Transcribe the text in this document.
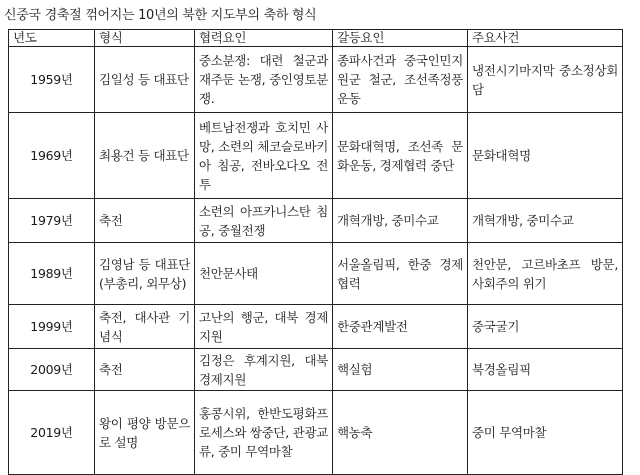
신중국 경축절 꺾어지는 10년의 북한 지도부의 축하 형식
년도	형식	협력요인	갈등요인	주요사건
1959년	김일성 등 대표단	중소분쟁: 대련 철군과 재주둔 논쟁, 중인영토분쟁.	종파사건과 중국인민지원군 철군, 조선족정풍운동	냉전시기마지막 중소정상회담
1969년	최용건 등 대표단	베트남전쟁과 호치민 사망, 소련의 체코슬로바키아 침공, 전바오다오 전투	문화대혁명, 조선족 문화운동, 경제협력 중단	문화대혁명
1979년	축전	소련의 아프카니스탄 침공, 중월전쟁	개혁개방, 중미수교	개혁개방, 중미수교
1989년	김영남 등 대표단(부총리, 외무상)	천안문사태	서울올림픽, 한중 경제협력	천안문, 고르바초프 방문, 사회주의 위기
1999년	축전, 대사관 기념식	고난의 행군, 대북 경제지원	한중관계발전	중국굴기
2009년	축전	김정은 후계지원, 대북 경제지원	핵실험	북경올림픽
2019년	왕이 평양 방문으로 설명	홍콩시위, 한반도평화프로세스와 쌍중단, 관광교류, 중미 무역마찰	핵농축	중미 무역마찰
